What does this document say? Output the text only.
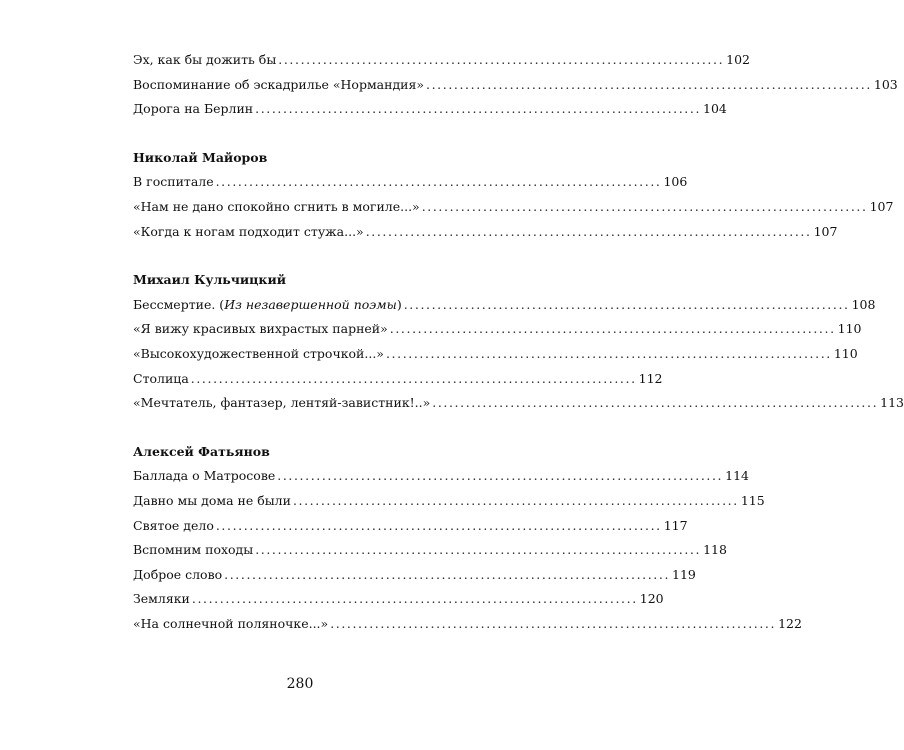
Эх, как бы дожить бы ................................................................................ 102
Воспоминание об эскадрилье «Нормандия» ................................................................................ 103
Дорога на Берлин ................................................................................ 104
Николай Майоров
В госпитале ................................................................................ 106
«Нам не дано спокойно сгнить в могиле...» ................................................................................ 107
«Когда к ногам подходит стужа...» ................................................................................ 107
Михаил Кульчицкий
Бессмертие. (Из незавершенной поэмы) ................................................................................ 108
«Я вижу красивых вихрастых парней» ................................................................................ 110
«Высокохудожественной строчкой...» ................................................................................ 110
Столица ................................................................................ 112
«Мечтатель, фантазер, лентяй-завистник!..» ................................................................................ 113
Алексей Фатьянов
Баллада о Матросове ................................................................................ 114
Давно мы дома не были ................................................................................ 115
Святое дело ................................................................................ 117
Вспомним походы ................................................................................ 118
Доброе слово ................................................................................ 119
Земляки ................................................................................ 120
«На солнечной поляночке...» ................................................................................ 122
280
